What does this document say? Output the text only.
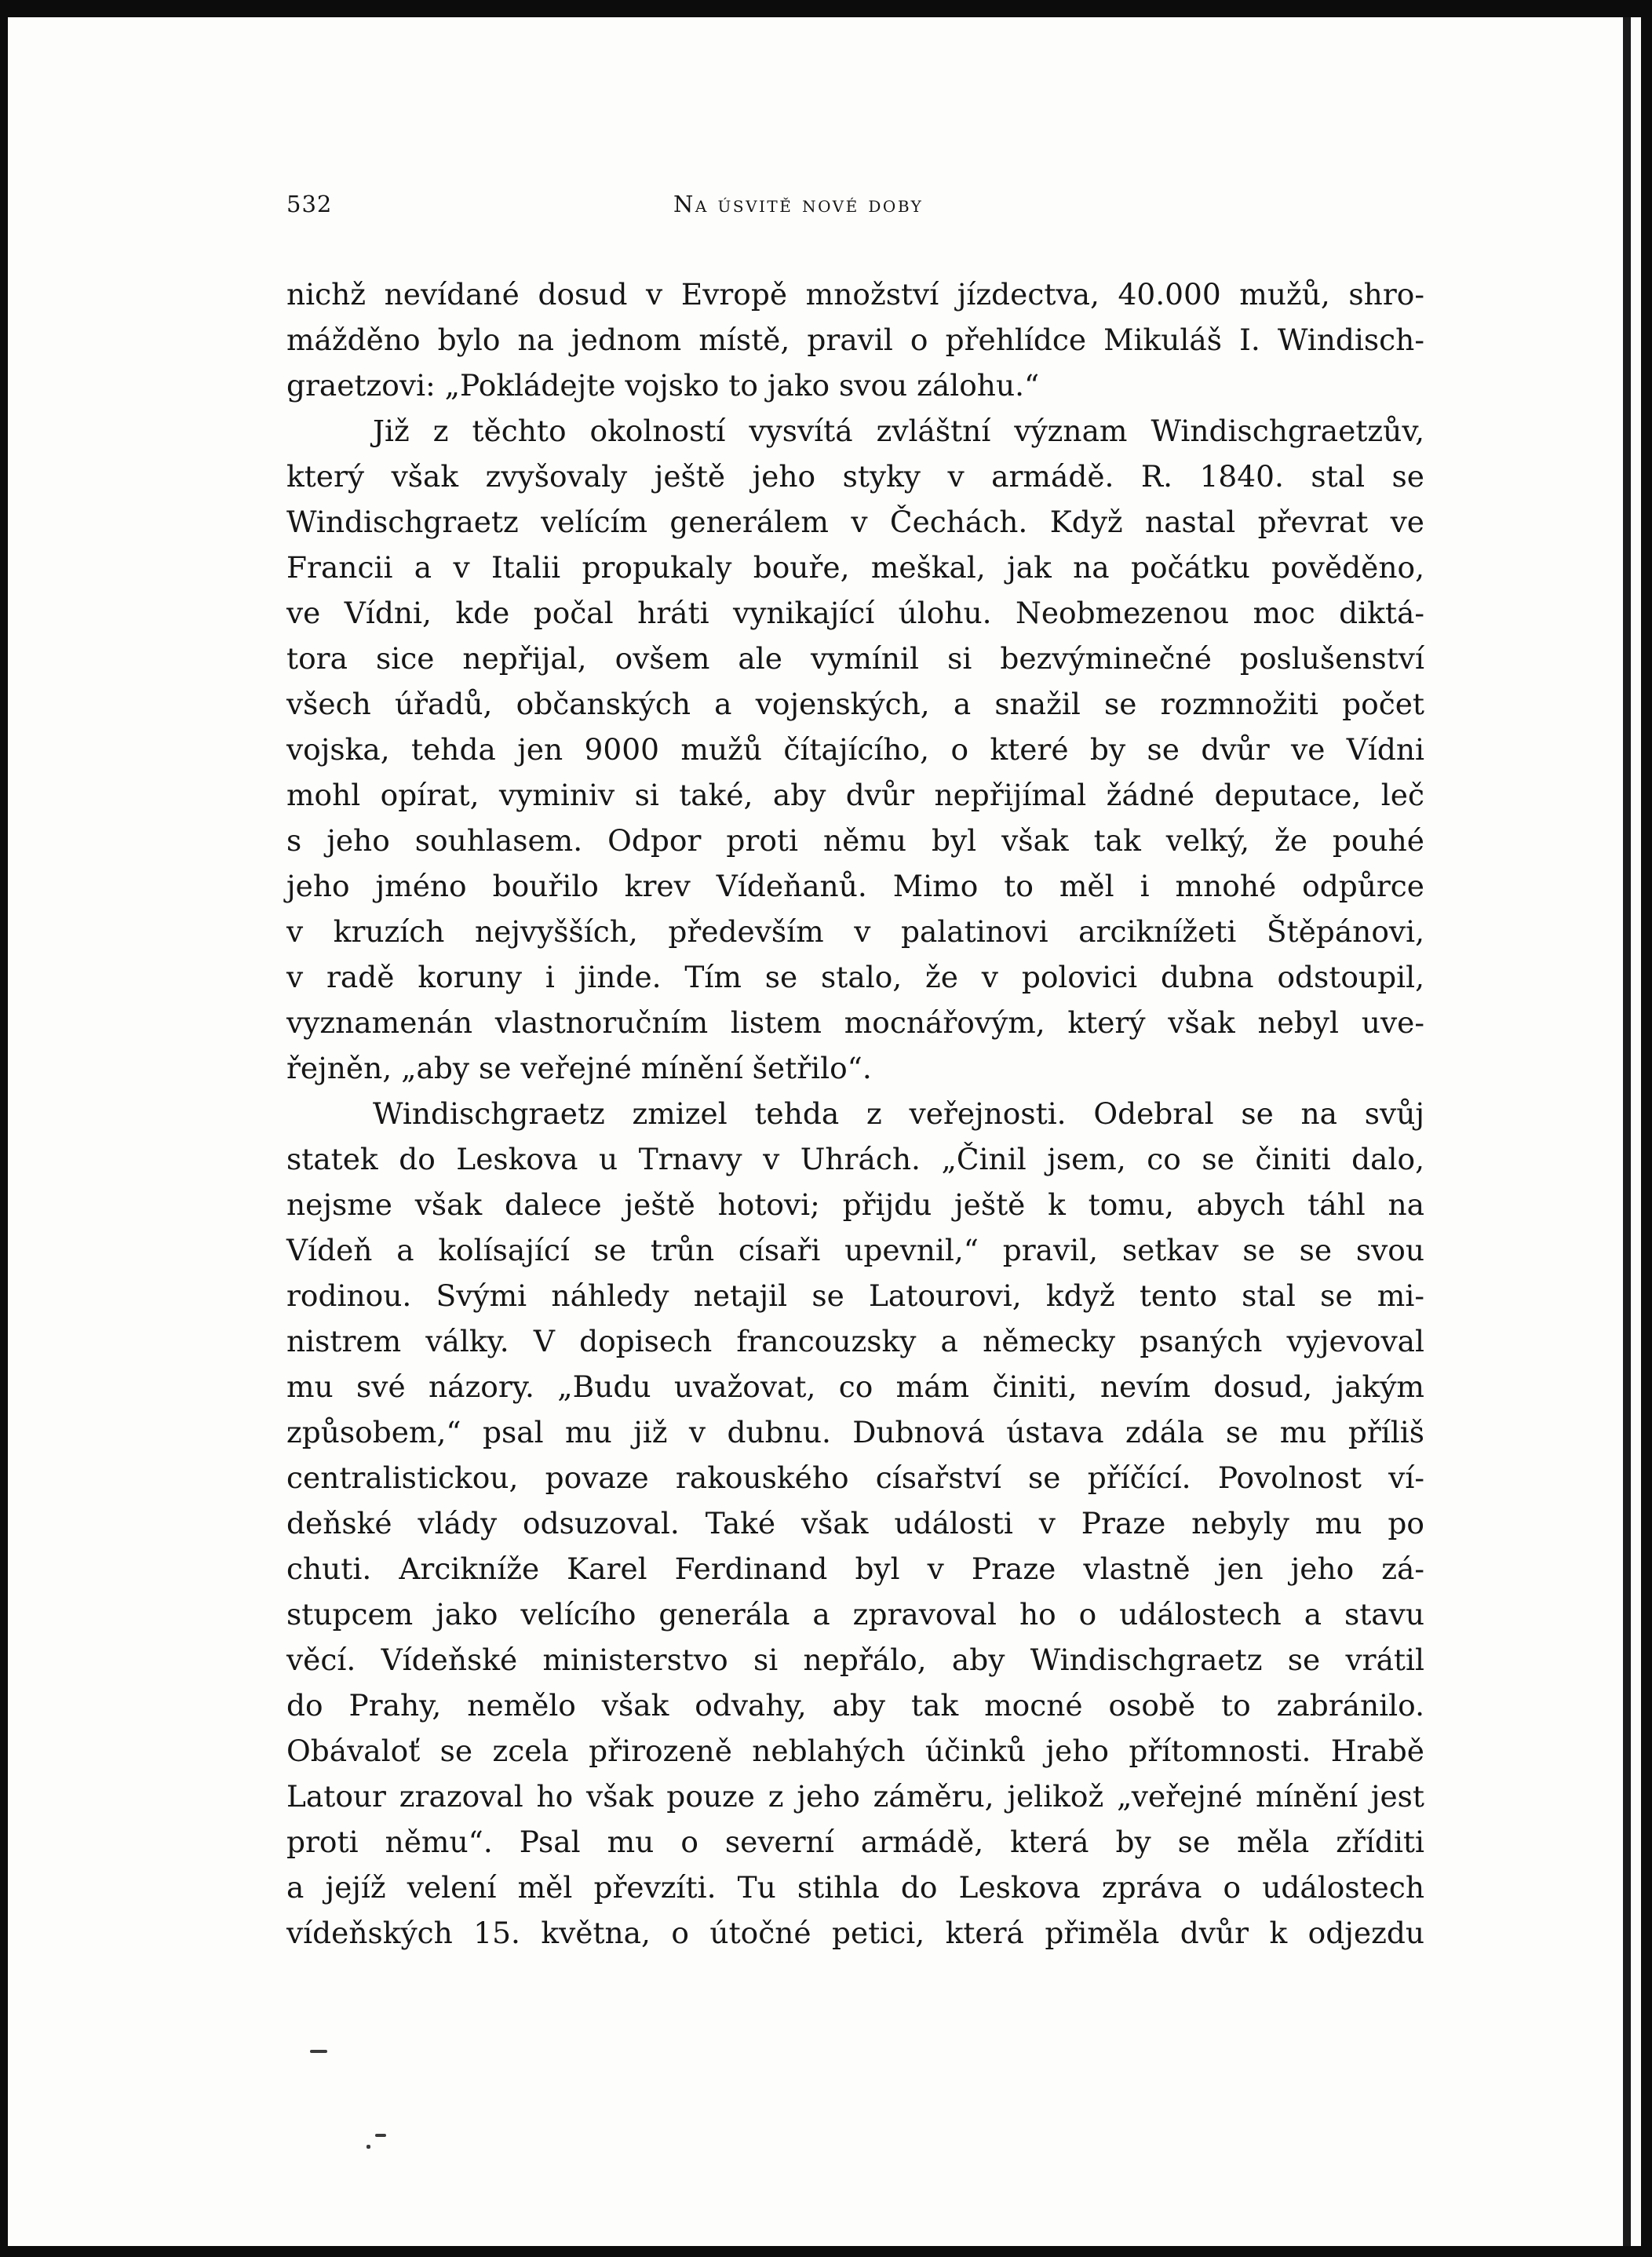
532	Na úsvitě nové doby

nichž nevídané dosud v Evropě množství jízdectva, 40.000 mužů, shro-
mážděno bylo na jednom místě, pravil o přehlídce Mikuláš I. Windisch-
graetzovi: „Pokládejte vojsko to jako svou zálohu.“

Již z těchto okolností vysvítá zvláštní význam Windischgraetzův,
který však zvyšovaly ještě jeho styky v armádě. R. 1840. stal se
Windischgraetz velícím generálem v Čechách. Když nastal převrat ve
Francii a v Italii propukaly bouře, meškal, jak na počátku pověděno,
ve Vídni, kde počal hráti vynikající úlohu. Neobmezenou moc diktá-
tora sice nepřijal, ovšem ale vymínil si bezvýminečné poslušenství
všech úřadů, občanských a vojenských, a snažil se rozmnožiti počet
vojska, tehda jen 9000 mužů čítajícího, o které by se dvůr ve Vídni
mohl opírat, vyminiv si také, aby dvůr nepřijímal žádné deputace, leč
s jeho souhlasem. Odpor proti němu byl však tak velký, že pouhé
jeho jméno bouřilo krev Vídeňanů. Mimo to měl i mnohé odpůrce
v kruzích nejvyšších, především v palatinovi arciknížeti Štěpánovi,
v radě koruny i jinde. Tím se stalo, že v polovici dubna odstoupil,
vyznamenán vlastnoručním listem mocnářovým, který však nebyl uve-
řejněn, „aby se veřejné mínění šetřilo“.

Windischgraetz zmizel tehda z veřejnosti. Odebral se na svůj
statek do Leskova u Trnavy v Uhrách. „Činil jsem, co se činiti dalo,
nejsme však dalece ještě hotovi; přijdu ještě k tomu, abych táhl na
Vídeň a kolísající se trůn císaři upevnil,“ pravil, setkav se se svou
rodinou. Svými náhledy netajil se Latourovi, když tento stal se mi-
nistrem války. V dopisech francouzsky a německy psaných vyjevoval
mu své názory. „Budu uvažovat, co mám činiti, nevím dosud, jakým
způsobem,“ psal mu již v dubnu. Dubnová ústava zdála se mu příliš
centralistickou, povaze rakouského císařství se příčící. Povolnost ví-
deňské vlády odsuzoval. Také však události v Praze nebyly mu po
chuti. Arcikníže Karel Ferdinand byl v Praze vlastně jen jeho zá-
stupcem jako velícího generála a zpravoval ho o událostech a stavu
věcí. Vídeňské ministerstvo si nepřálo, aby Windischgraetz se vrátil
do Prahy, nemělo však odvahy, aby tak mocné osobě to zabránilo.
Obávaloť se zcela přirozeně neblahých účinků jeho přítomnosti. Hrabě
Latour zrazoval ho však pouze z jeho záměru, jelikož „veřejné mínění jest
proti němu“. Psal mu o severní armádě, která by se měla zříditi
a jejíž velení měl převzíti. Tu stihla do Leskova zpráva o událostech
vídeňských 15. května, o útočné petici, která přiměla dvůr k odjezdu
